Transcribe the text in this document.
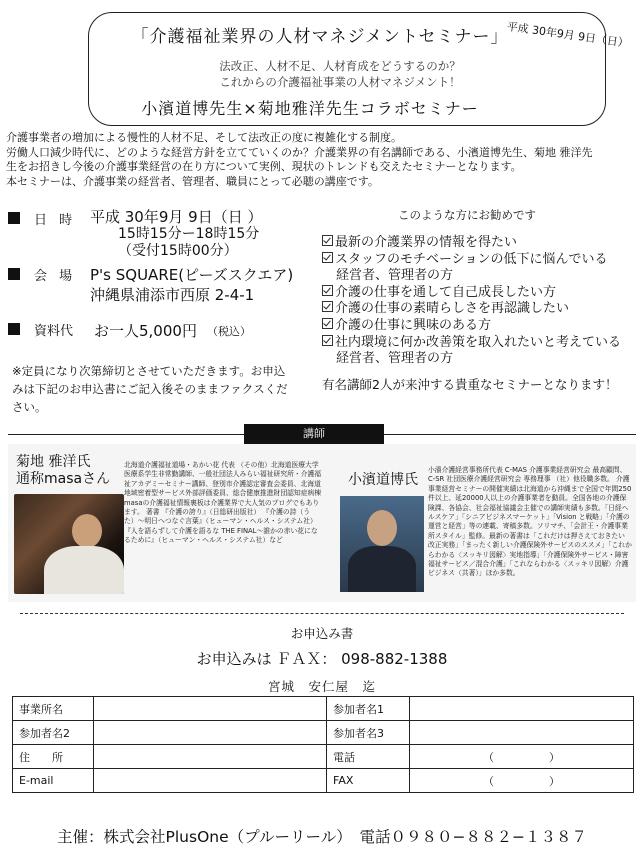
「介護福祉業界の人材マネジメントセミナー」
平成 30年9月 9日（日）
法改正、人材不足、人材育成をどうするのか？
これからの介護福祉事業の人材マネジメント！
小濱道博先生×菊地雅洋先生コラボセミナー
介護事業者の増加による慢性的人材不足、そして法改正の度に複雑化する制度。
労働人口減少時代に、どのような経営方針を立てていくのか？介護業界の有名講師である、小濱道博先生、菊地 雅洋先
生をお招きし今後の介護事業経営の在り方について実例、現状のトレンドも交えたセミナーとなります。
本セミナーは、介護事業の経営者、管理者、職員にとって必聴の講座です。
日 時 平成 30年9月 9日（日 ）
15時15分ー18時15分
（受付15時00分）
会 場 P's SQUARE(ピーズスクエア)
沖縄県浦添市西原 2-4-1
資料代	お一人5,000円 （税込）
※定員になり次第締切とさせていただきます。お申込みは下記のお申込書にご記入後そのままファクスください。
このような方にお勧めです
最新の介護業界の情報を得たい
スタッフのモチベーションの低下に悩んでいる
経営者、管理者の方
介護の仕事を通して自己成長したい方
介護の仕事の素晴らしさを再認識したい
介護の仕事に興味のある方
社内環境に何か改善策を取入れたいと考えている
経営者、管理者の方
有名講師2人が来沖する貴重なセミナーとなります！
講師
菊地 雅洋氏
通称masaさん
北海道介護福祉道場・あかい花 代表 （その他）北海道医療大学医療系学生非常勤講師、一般社団法人みらい福祉研究所・介護福祉アカデミーセミナー講師、登別市介護認定審査会委員、北海道地域密着型サービス外部評価委員、総合健康推進財団認知症病棟 masaの介護福祉情報裏板は介護業界で大人気のブログでもあります。 著書 『介護の誇り』（日総研出版社） 『介護の詩（うた）〜明日へつなぐ言葉』（ヒューマン・ヘルス・システム社） 『人を語らずして介護を語るな THE FINAL〜誰かの赤い花になるために』（ヒューマン・ヘルス・システム社）など
小濱道博氏
小濱介護経営事務所代表 C-MAS 介護事業経営研究会 最高顧問、C-SR 社団医療介護経営研究会 専務理事 （社）他役職多数。 介護事業経営セミナーの開催実績は北海道から沖縄まで全国で年間250件以上、延20000人以上の介護事業者を動員。全国各地の介護保険課、各協会、社会福祉協議会主催での講師実績も多数。「日経ヘルスケア」「シニアビジネスマーケット」「Vision と戦略」「介護の運営と経営」等の連載、寄稿多数。ソリマチ、「会計王・介護事業所スタイル」監修。最新の著書は「これだけは押さえておきたい 改正実務」「まったく新しい介護保険外サービスのススメ」「これからわかる〈スッキリ図解〉実地指導」「介護保険外サービス・障害福祉サービス／混合介護」「これならわかる〈スッキリ図解〉介護ビジネス（共著）」ほか多数。
お申込み書
お申込みは ＦＡＸ： 098-882-1388
宮城　安仁屋　迄
事業所名		参加者名1	
参加者名2		参加者名3	
住　　所		電話	（　　　　　）
E-mail		FAX	（　　　　　）
主催：株式会社PlusOne（プルーリール）　電話０９８０−８８２−１３８７
